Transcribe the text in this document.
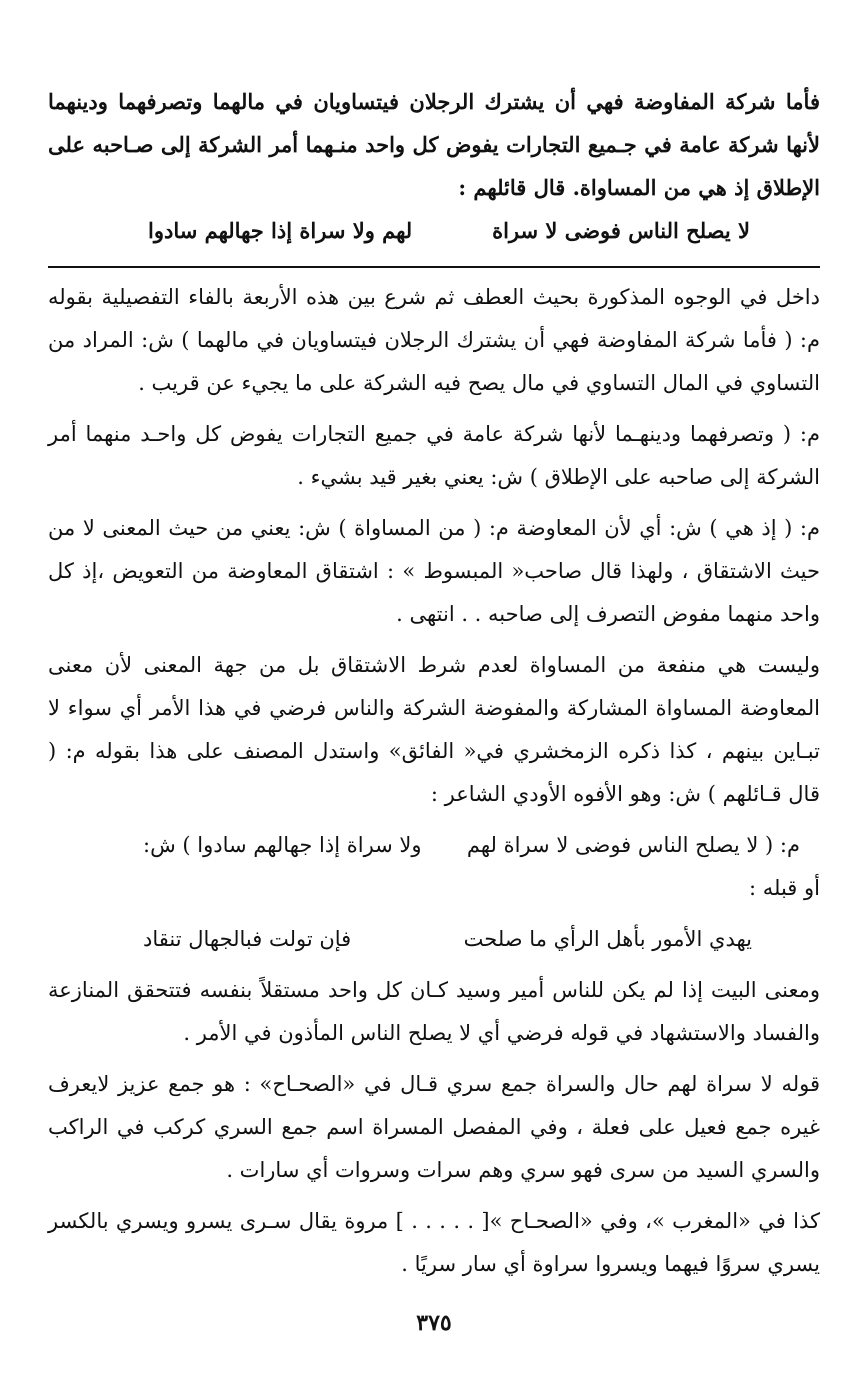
فأما شركة المفاوضة فهي أن يشترك الرجلان فيتساويان في مالهما وتصرفهما ودينهما لأنها شركة عامة في جـميع التجارات يفوض كل واحد منـهما أمر الشركة إلى صـاحبه على الإطلاق إذ هي من المساواة. قال قائلهم :

لا يصلح الناس فوضى لا سراة
لهم ولا سراة إذا جهالهم سادوا

داخل في الوجوه المذكورة بحيث العطف ثم شرع بين هذه الأربعة بالفاء التفصيلية بقوله م: ( فأما شركة المفاوضة فهي أن يشترك الرجلان فيتساويان في مالهما ) ش: المراد من التساوي في المال التساوي في مال يصح فيه الشركة على ما يجيء عن قريب .

م: ( وتصرفهما ودينهـما لأنها شركة عامة في جميع التجارات يفوض كل واحـد منهما أمر الشركة إلى صاحبه على الإطلاق ) ش: يعني بغير قيد بشيء .

م: ( إذ هي ) ش: أي لأن المعاوضة م: ( من المساواة ) ش: يعني من حيث المعنى لا من حيث الاشتقاق ، ولهذا قال صاحب« المبسوط » : اشتقاق المعاوضة من التعويض ،إذ كل واحد منهما مفوض التصرف إلى صاحبه . . انتهى .

وليست هي منفعة من المساواة لعدم شرط الاشتقاق بل من جهة المعنى لأن معنى المعاوضة المساواة المشاركة والمفوضة الشركة والناس فرضي في هذا الأمر أي سواء لا تبـاين بينهم ، كذا ذكره الزمخشري في« الفائق» واستدل المصنف على هذا بقوله م: ( قال قـائلهم ) ش: وهو الأفوه الأودي الشاعر :

م: ( لا يصلح الناس فوضى لا سراة لهم
ولا سراة إذا جهالهم سادوا ) ش:

أو قبله :

يهدي الأمور بأهل الرأي ما صلحت
فإن تولت فبالجهال تنقاد

ومعنى البيت إذا لم يكن للناس أمير وسيد كـان كل واحد مستقلاً بنفسه فتتحقق المنازعة والفساد والاستشهاد في قوله فرضي أي لا يصلح الناس المأذون في الأمر .

قوله لا سراة لهم حال والسراة جمع سري قـال في «الصحـاح» : هو جمع عزيز لايعرف غيره جمع فعيل على فعلة ، وفي المفصل المسراة اسم جمع السري كركب في الراكب والسري السيد من سرى فهو سري وهم سرات وسروات أي سارات .

كذا في «المغرب »، وفي «الصحـاح »[ . . . . . ] مروة يقال سـرى يسرو ويسري بالكسر يسري سروًا فيهما ويسروا سراوة أي سار سريًا .

٣٧٥
